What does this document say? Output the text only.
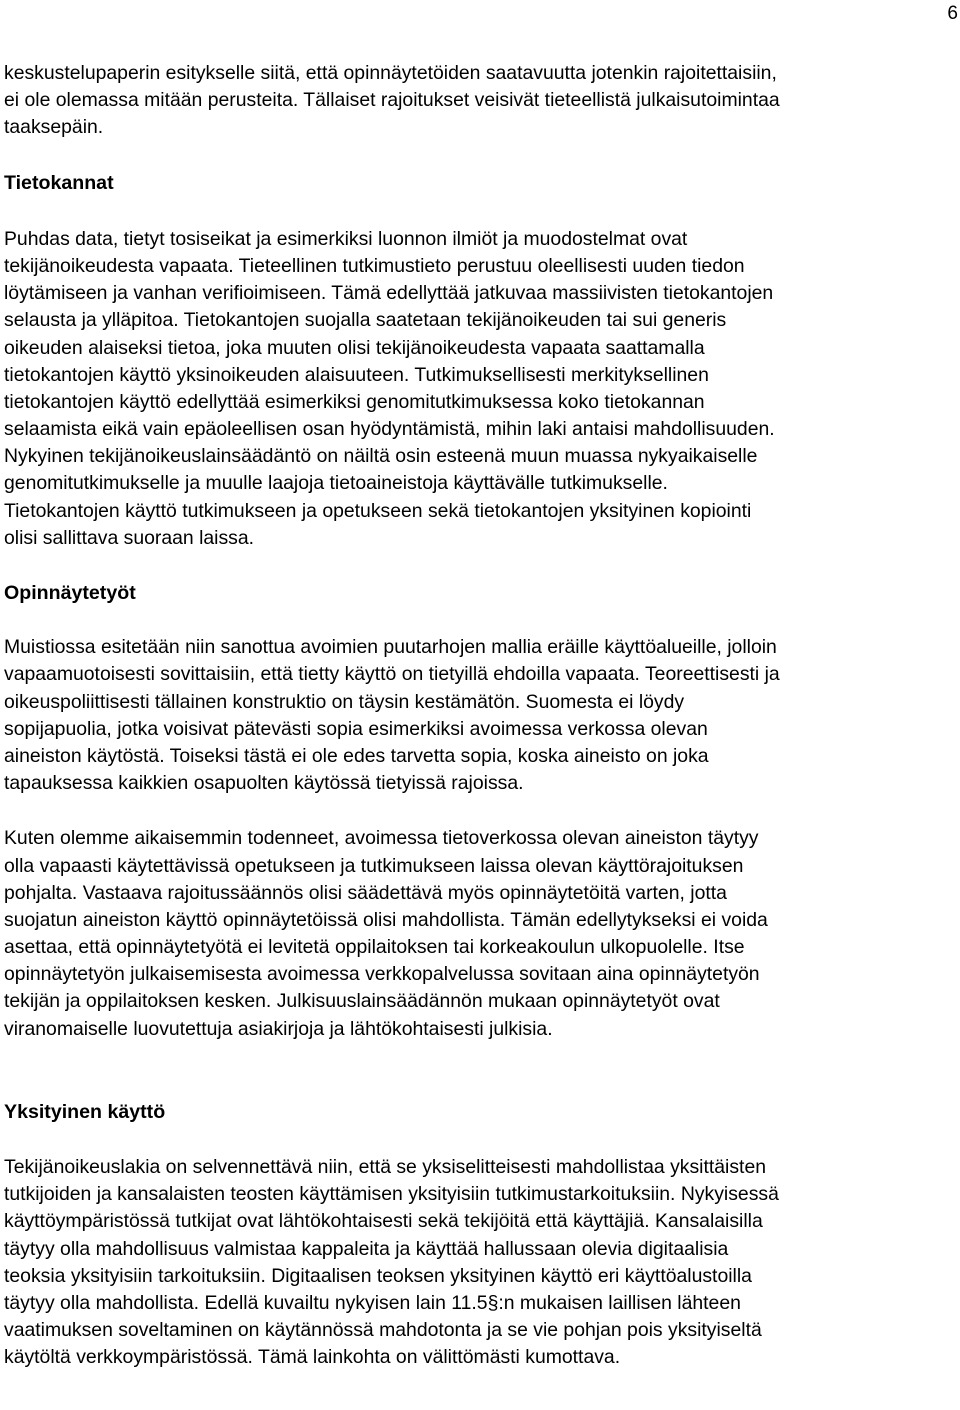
6

keskustelupaperin esitykselle siitä, että opinnäytetöiden saatavuutta jotenkin rajoitettaisiin,
ei ole olemassa mitään perusteita. Tällaiset rajoitukset veisivät tieteellistä julkaisutoimintaa
taaksepäin.

Tietokannat

Puhdas data, tietyt tosiseikat ja esimerkiksi luonnon ilmiöt ja muodostelmat ovat
tekijänoikeudesta vapaata. Tieteellinen tutkimustieto perustuu oleellisesti uuden tiedon
löytämiseen ja vanhan verifioimiseen. Tämä edellyttää jatkuvaa massiivisten tietokantojen
selausta ja ylläpitoa. Tietokantojen suojalla saatetaan tekijänoikeuden tai sui generis
oikeuden alaiseksi tietoa, joka muuten olisi tekijänoikeudesta vapaata saattamalla
tietokantojen käyttö yksinoikeuden alaisuuteen. Tutkimuksellisesti merkityksellinen
tietokantojen käyttö edellyttää esimerkiksi genomitutkimuksessa koko tietokannan
selaamista eikä vain epäoleellisen osan hyödyntämistä, mihin laki antaisi mahdollisuuden.
Nykyinen tekijänoikeuslainsäädäntö on näiltä osin esteenä muun muassa nykyaikaiselle
genomitutkimukselle ja muulle laajoja tietoaineistoja käyttävälle tutkimukselle.
Tietokantojen käyttö tutkimukseen ja opetukseen sekä tietokantojen yksityinen kopiointi
olisi sallittava suoraan laissa.

Opinnäytetyöt

Muistiossa esitetään niin sanottua avoimien puutarhojen mallia eräille käyttöalueille, jolloin
vapaamuotoisesti sovittaisiin, että tietty käyttö on tietyillä ehdoilla vapaata. Teoreettisesti ja
oikeuspoliittisesti tällainen konstruktio on täysin kestämätön. Suomesta ei löydy
sopijapuolia, jotka voisivat pätevästi sopia esimerkiksi avoimessa verkossa olevan
aineiston käytöstä. Toiseksi tästä ei ole edes tarvetta sopia, koska aineisto on joka
tapauksessa kaikkien osapuolten käytössä tietyissä rajoissa.

Kuten olemme aikaisemmin todenneet, avoimessa tietoverkossa olevan aineiston täytyy
olla vapaasti käytettävissä opetukseen ja tutkimukseen laissa olevan käyttörajoituksen
pohjalta. Vastaava rajoitussäännös olisi säädettävä myös opinnäytetöitä varten, jotta
suojatun aineiston käyttö opinnäytetöissä olisi mahdollista. Tämän edellytykseksi ei voida
asettaa, että opinnäytetyötä ei levitetä oppilaitoksen tai korkeakoulun ulkopuolelle. Itse
opinnäytetyön julkaisemisesta avoimessa verkkopalvelussa sovitaan aina opinnäytetyön
tekijän ja oppilaitoksen kesken. Julkisuuslainsäädännön mukaan opinnäytetyöt ovat
viranomaiselle luovutettuja asiakirjoja ja lähtökohtaisesti julkisia.

Yksityinen käyttö

Tekijänoikeuslakia on selvennettävä niin, että se yksiselitteisesti mahdollistaa yksittäisten
tutkijoiden ja kansalaisten teosten käyttämisen yksityisiin tutkimustarkoituksiin. Nykyisessä
käyttöympäristössä tutkijat ovat lähtökohtaisesti sekä tekijöitä että käyttäjiä. Kansalaisilla
täytyy olla mahdollisuus valmistaa kappaleita ja käyttää hallussaan olevia digitaalisia
teoksia yksityisiin tarkoituksiin. Digitaalisen teoksen yksityinen käyttö eri käyttöalustoilla
täytyy olla mahdollista. Edellä kuvailtu nykyisen lain 11.5§:n mukaisen laillisen lähteen
vaatimuksen soveltaminen on käytännössä mahdotonta ja se vie pohjan pois yksityiseltä
käytöltä verkkoympäristössä. Tämä lainkohta on välittömästi kumottava.
